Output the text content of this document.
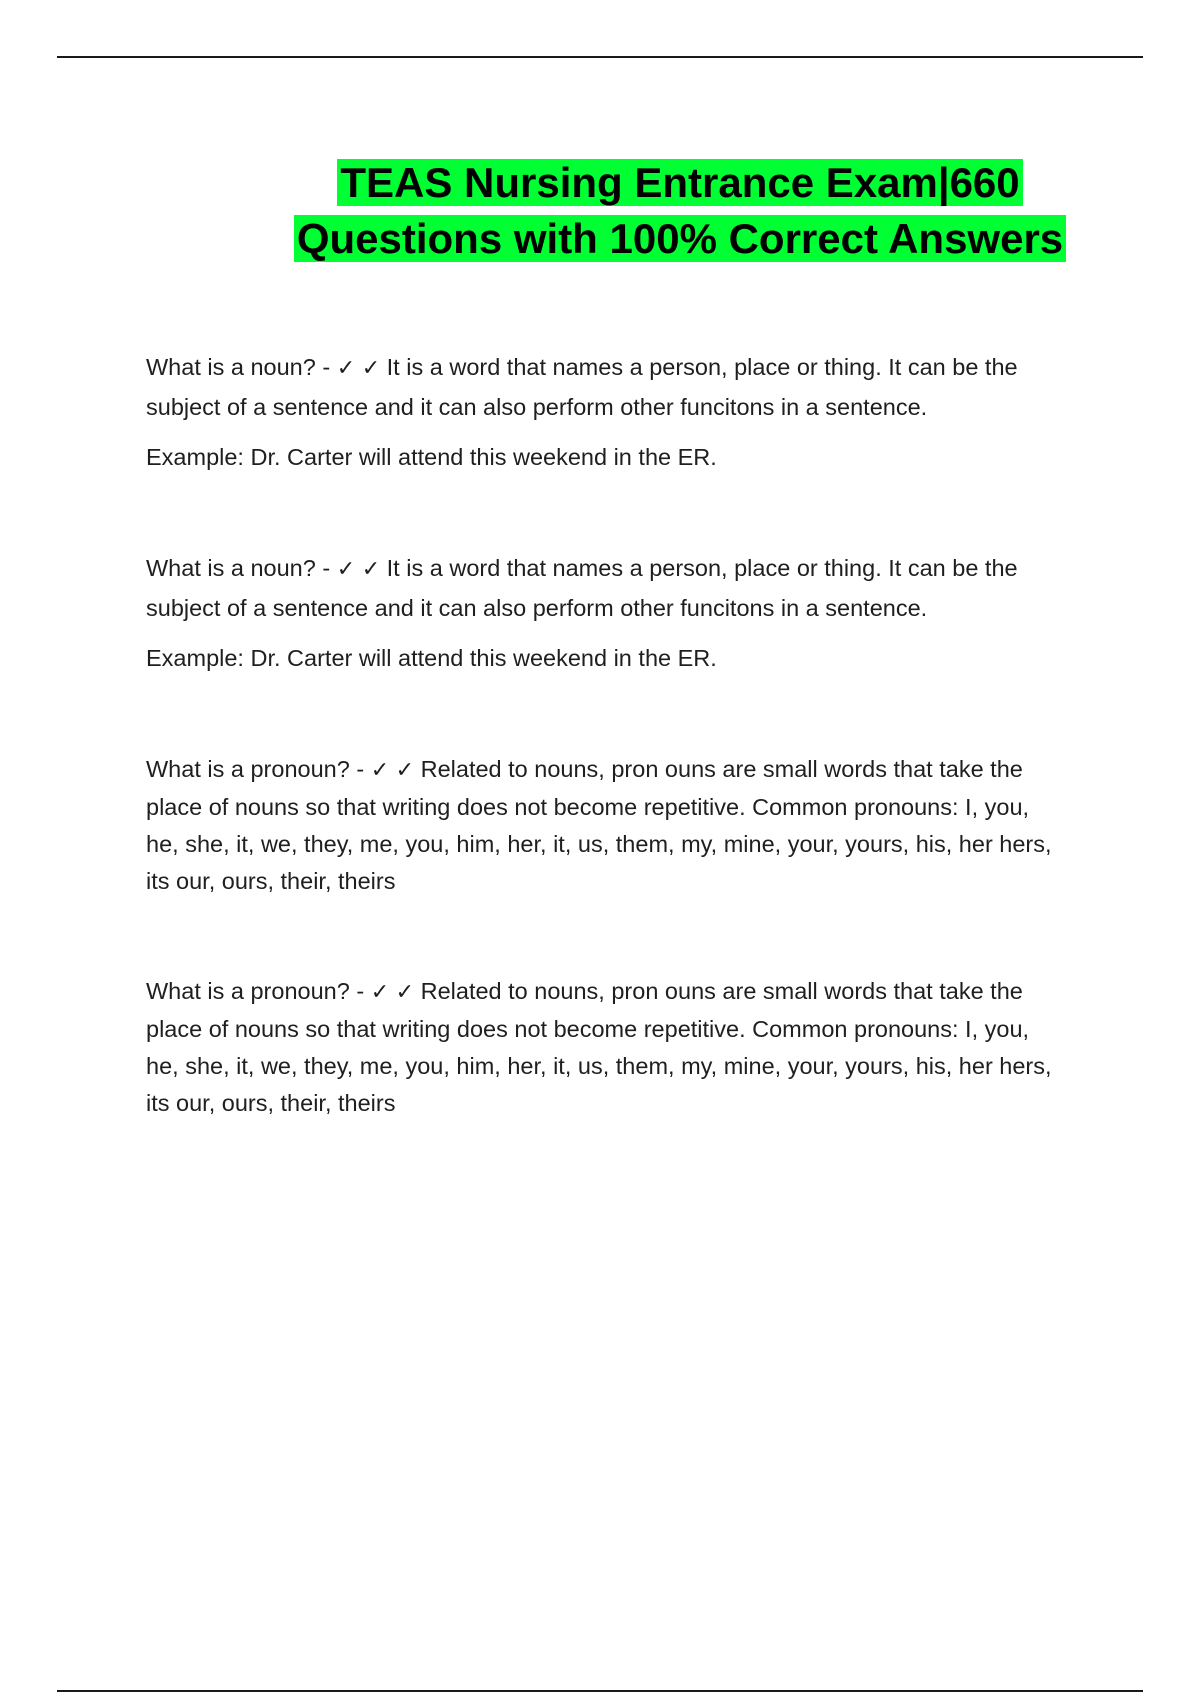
TEAS Nursing Entrance Exam|660
Questions with 100% Correct Answers

What is a noun? - ✓ ✓ It is a word that names a person, place or thing. It can be the subject of a sentence and it can also perform other funcitons in a sentence.

Example: Dr. Carter will attend this weekend in the ER.

What is a noun? - ✓ ✓ It is a word that names a person, place or thing. It can be the subject of a sentence and it can also perform other funcitons in a sentence.

Example: Dr. Carter will attend this weekend in the ER.

What is a pronoun? - ✓ ✓ Related to nouns, pron ouns are small words that take the place of nouns so that writing does not become repetitive. Common pronouns: I, you, he, she, it, we, they, me, you, him, her, it, us, them, my, mine, your, yours, his, her hers, its our, ours, their, theirs

What is a pronoun? - ✓ ✓ Related to nouns, pron ouns are small words that take the place of nouns so that writing does not become repetitive. Common pronouns: I, you, he, she, it, we, they, me, you, him, her, it, us, them, my, mine, your, yours, his, her hers, its our, ours, their, theirs
